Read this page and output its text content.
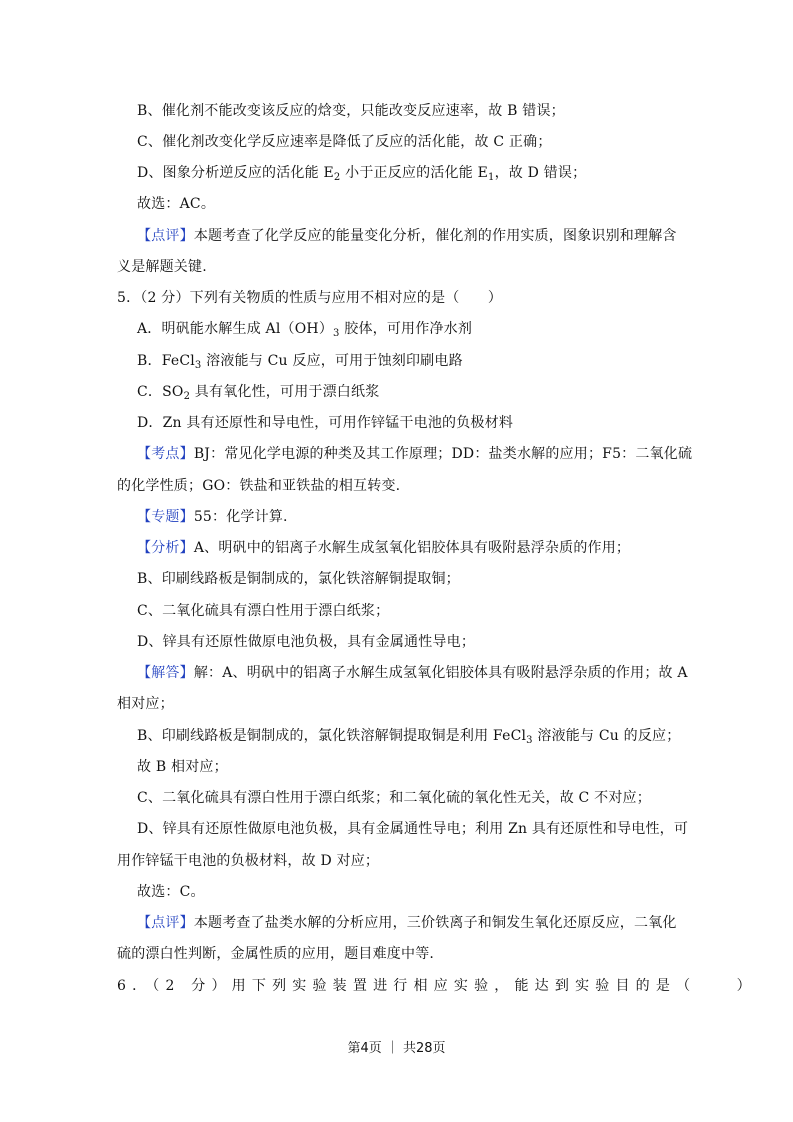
B、催化剂不能改变该反应的焓变，只能改变反应速率，故 B 错误；
C、催化剂改变化学反应速率是降低了反应的活化能，故 C 正确；
D、图象分析逆反应的活化能 $E_2$ 小于正反应的活化能 $E_1$，故 D 错误；
故选：AC。
【点评】本题考查了化学反应的能量变化分析，催化剂的作用实质，图象识别和理解含
义是解题关键.
5．（2 分）下列有关物质的性质与应用不相对应的是（　　）
A．明矾能水解生成 $Al(OH)_3$ 胶体，可用作净水剂
B．FeCl$_3$ 溶液能与 Cu 反应，可用于蚀刻印刷电路
C．$SO_2$ 具有氧化性，可用于漂白纸浆
D．Zn 具有还原性和导电性，可用作锌锰干电池的负极材料
【考点】BJ：常见化学电源的种类及其工作原理；DD：盐类水解的应用；F5：二氧化硫
的化学性质；GO：铁盐和亚铁盐的相互转变.
【专题】55：化学计算.
【分析】A、明矾中的铝离子水解生成氢氧化铝胶体具有吸附悬浮杂质的作用；
B、印刷线路板是铜制成的，氯化铁溶解铜提取铜；
C、二氧化硫具有漂白性用于漂白纸浆；
D、锌具有还原性做原电池负极，具有金属通性导电；
【解答】解：A、明矾中的铝离子水解生成氢氧化铝胶体具有吸附悬浮杂质的作用；故 A
相对应；
B、印刷线路板是铜制成的，氯化铁溶解铜提取铜是利用 FeCl$_3$ 溶液能与 Cu 的反应；
故 B 相对应；
C、二氧化硫具有漂白性用于漂白纸浆；和二氧化硫的氧化性无关，故 C 不对应；
D、锌具有还原性做原电池负极，具有金属通性导电；利用 Zn 具有还原性和导电性，可
用作锌锰干电池的负极材料，故 D 对应；
故选：C。
【点评】本题考查了盐类水解的分析应用，三价铁离子和铜发生氧化还原反应，二氧化
硫的漂白性判断，金属性质的应用，题目难度中等.
6．（2 分）用下列实验装置进行相应实验，能达到实验目的是（　　）
第4页 ｜ 共28页
